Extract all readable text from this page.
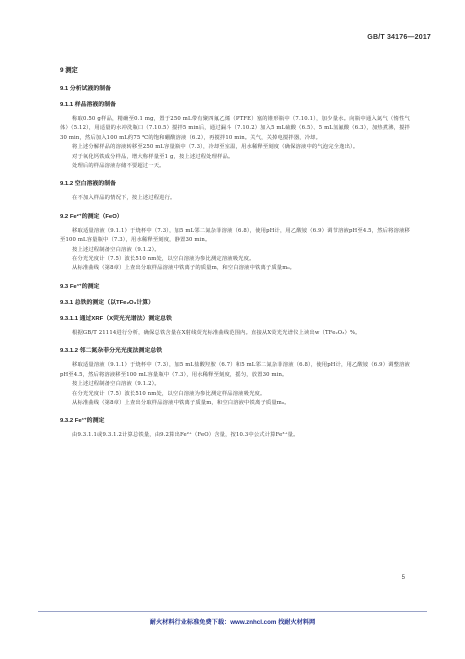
GB/T 34176—2017
9 测定
9.1 分析试液的制备
9.1.1 样品溶液的制备
称取0.50 g样品，精确至0.1 mg，置于250 mL带有聚四氟乙烯（PTFE）塞的锥形瓶中（7.10.1），加少量水。向瓶中通入氮气（惰性气体）（5.12），用适量的水冲洗瓶口（7.10.5）搅拌5 min后，通过漏斗（7.10.2）加入5 mL硫酸（6.5）、5 mL氢氟酸（6.3），加热煮沸，搅拌30 min，然后加入100 mL约75 ℃的饱和硼酸溶液（6.2），再搅拌10 min。关气，关掉电搅拌器，冷却。
将上述分解样品的溶液转移至250 mL容量瓶中（7.3），冷却至室温，用水稀释至刻度（确保溶液中的气泡完全逸出）。
对于氧化钙铁成分样品，增大称样量至1 g，按上述过程处理样品。
处理后的样品溶液存储不要超过一天。
9.1.2 空白溶液的制备
在不加入样品的情况下，按上述过程进行。
9.2 Fe²⁺的测定（FeO）
移取适量溶液（9.1.1）于烧杯中（7.3），加5 mL邻二氮杂菲溶液（6.8），使用pH计，用乙酸铵（6.9）调节溶液pH至4.5，然后将溶液移至100 mL容量瓶中（7.3），用水稀释至刻度，静置30 min。
按上述过程制备空白溶液（9.1.2）。
在分光光度计（7.5）波长510 nm处，以空白溶液为参比测定溶液吸光度。
从标准曲线（第8章）上查出分取样品溶液中铁离子的质量m，和空白溶液中铁离子质量m₀。
9.3 Fe³⁺的测定
9.3.1 总铁的测定（以TFe₂O₃计算）
9.3.1.1 通过XRF（X荧光光谱法）测定总铁
根据GB/T 21114进行分析，确保总铁含量在X射线荧光标准曲线范围内。直接从X荧光光谱仪上读出w（TFe₂O₃）%。
9.3.1.2 邻二氮杂菲分光光度法测定总铁
移取适量溶液（9.1.1）于烧杯中（7.3），加5 mL盐酸羟胺（6.7）和5 mL邻二氮杂菲溶液（6.8），使用pH计，用乙酸铵（6.9）调整溶液pH至4.5，然后将溶液移至100 mL容量瓶中（7.3），用水稀释至刻度，摇匀，放置30 min。
按上述过程制备空白溶液（9.1.2）。
在分光光度计（7.5）波长510 nm处，以空白溶液为参比测定样品溶液吸光度。
从标准曲线（第8章）上查出分取样品溶液中铁离子质量m，和空白溶液中铁离子质量m₀。
9.3.2 Fe³⁺的测定
由9.3.1.1或9.3.1.2计算总铁量，由9.2算出Fe²⁺（FeO）含量，按10.3中公式计算Fe³⁺量。
5
耐火材料行业标准免费下载：www.znhcl.com 找耐火材料网
